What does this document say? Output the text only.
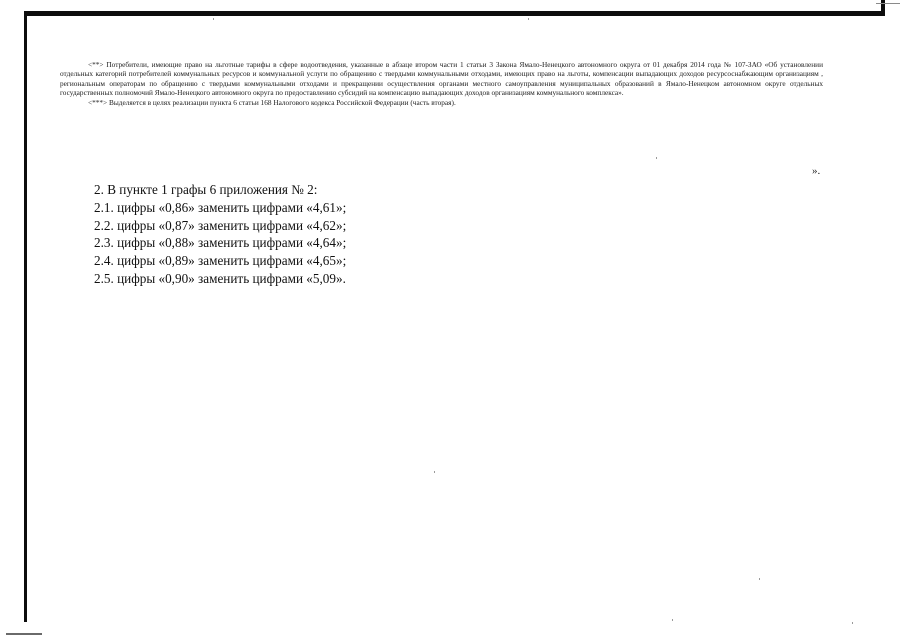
<**> Потребители, имеющие право на льготные тарифы в сфере водоотведения, указанные в абзаце втором части 1 статьи 3 Закона Ямало-Ненецкого автономного округа от 01 декабря 2014 года № 107-ЗАО «Об установлении отдельных категорий потребителей коммунальных ресурсов и коммунальной услуги по обращению с твердыми коммунальными отходами, имеющих право на льготы, компенсации выпадающих доходов ресурсоснабжающим организациям , региональным операторам по обращению с твердыми коммунальными отходами и прекращении осуществления органами местного самоуправления муниципальных образований в Ямало-Ненецком автономном округе отдельных государственных полномочий Ямало-Ненецкого автономного округа по предоставлению субсидий на компенсацию выпадающих доходов организациям коммунального комплекса».

<***> Выделяется в целях реализации пункта 6 статьи 168 Налогового кодекса Российской Федерации (часть вторая).

».
2. В пункте 1 графы 6 приложения № 2:
2.1. цифры «0,86» заменить цифрами «4,61»;
2.2. цифры «0,87» заменить цифрами «4,62»;
2.3. цифры «0,88» заменить цифрами «4,64»;
2.4. цифры «0,89» заменить цифрами «4,65»;
2.5. цифры «0,90» заменить цифрами «5,09».
